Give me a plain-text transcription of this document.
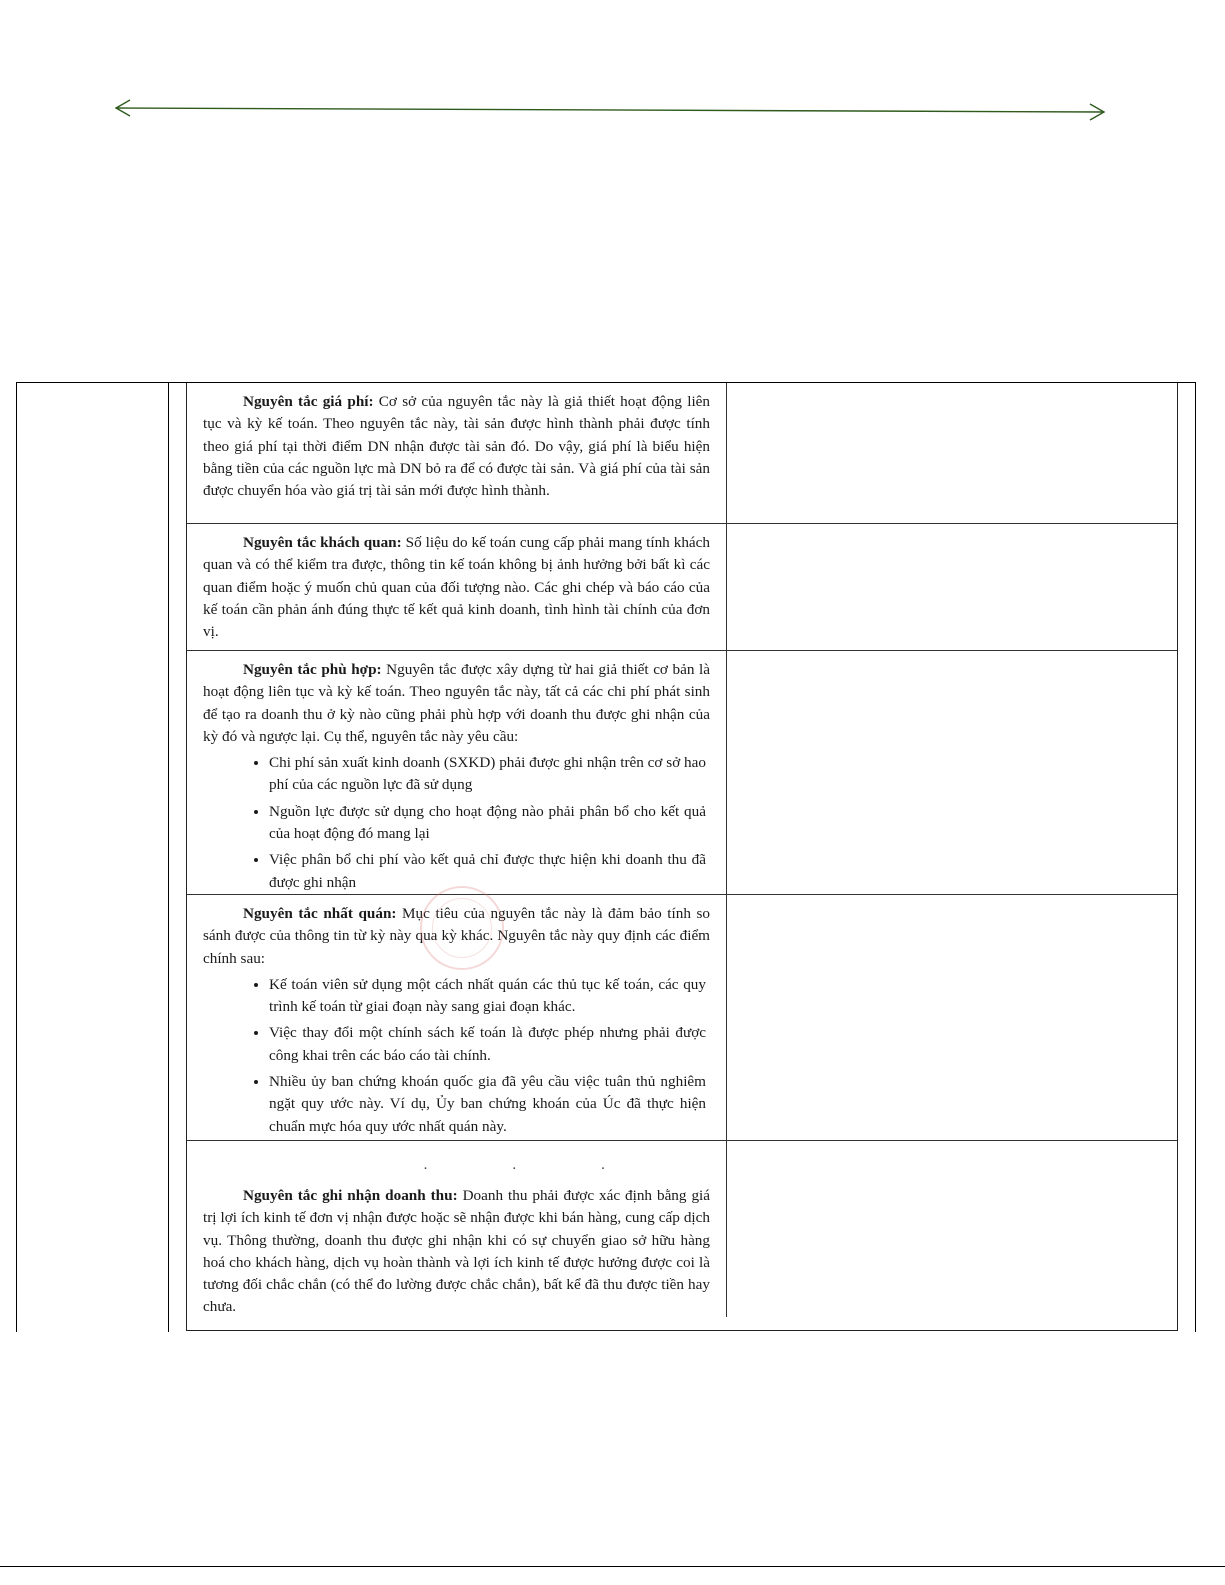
Nguyên tắc giá phí: Cơ sở của nguyên tắc này là giả thiết hoạt động liên tục và kỳ kế toán. Theo nguyên tắc này, tài sản được hình thành phải được tính theo giá phí tại thời điểm DN nhận được tài sản đó. Do vậy, giá phí là biểu hiện bằng tiền của các nguồn lực mà DN bỏ ra để có được tài sản. Và giá phí của tài sản được chuyển hóa vào giá trị tài sản mới được hình thành.

Nguyên tắc khách quan: Số liệu do kế toán cung cấp phải mang tính khách quan và có thể kiểm tra được, thông tin kế toán không bị ảnh hưởng bởi bất kì các quan điểm hoặc ý muốn chủ quan của đối tượng nào. Các ghi chép và báo cáo của kế toán cần phản ánh đúng thực tế kết quả kinh doanh, tình hình tài chính của đơn vị.

Nguyên tắc phù hợp: Nguyên tắc được xây dựng từ hai giả thiết cơ bản là hoạt động liên tục và kỳ kế toán. Theo nguyên tắc này, tất cả các chi phí phát sinh để tạo ra doanh thu ở kỳ nào cũng phải phù hợp với doanh thu được ghi nhận của kỳ đó và ngược lại. Cụ thể, nguyên tắc này yêu cầu:

• Chi phí sản xuất kinh doanh (SXKD) phải được ghi nhận trên cơ sở hao phí của các nguồn lực đã sử dụng
• Nguồn lực được sử dụng cho hoạt động nào phải phân bổ cho kết quả của hoạt động đó mang lại
• Việc phân bổ chi phí vào kết quả chỉ được thực hiện khi doanh thu đã được ghi nhận

Nguyên tắc nhất quán: Mục tiêu của nguyên tắc này là đảm bảo tính so sánh được của thông tin từ kỳ này qua kỳ khác. Nguyên tắc này quy định các điểm chính sau:

• Kế toán viên sử dụng một cách nhất quán các thủ tục kế toán, các quy trình kế toán từ giai đoạn này sang giai đoạn khác.
• Việc thay đổi một chính sách kế toán là được phép nhưng phải được công khai trên các báo cáo tài chính.
• Nhiều ủy ban chứng khoán quốc gia đã yêu cầu việc tuân thủ nghiêm ngặt quy ước này. Ví dụ, Ủy ban chứng khoán của Úc đã thực hiện chuẩn mực hóa quy ước nhất quán này.
· · ·

Nguyên tắc ghi nhận doanh thu: Doanh thu phải được xác định bằng giá trị lợi ích kinh tế đơn vị nhận được hoặc sẽ nhận được khi bán hàng, cung cấp dịch vụ. Thông thường, doanh thu được ghi nhận khi có sự chuyển giao sở hữu hàng hoá cho khách hàng, dịch vụ hoàn thành và lợi ích kinh tế được hưởng được coi là tương đối chắc chắn (có thể đo lường được chắc chắn), bất kể đã thu được tiền hay chưa.
